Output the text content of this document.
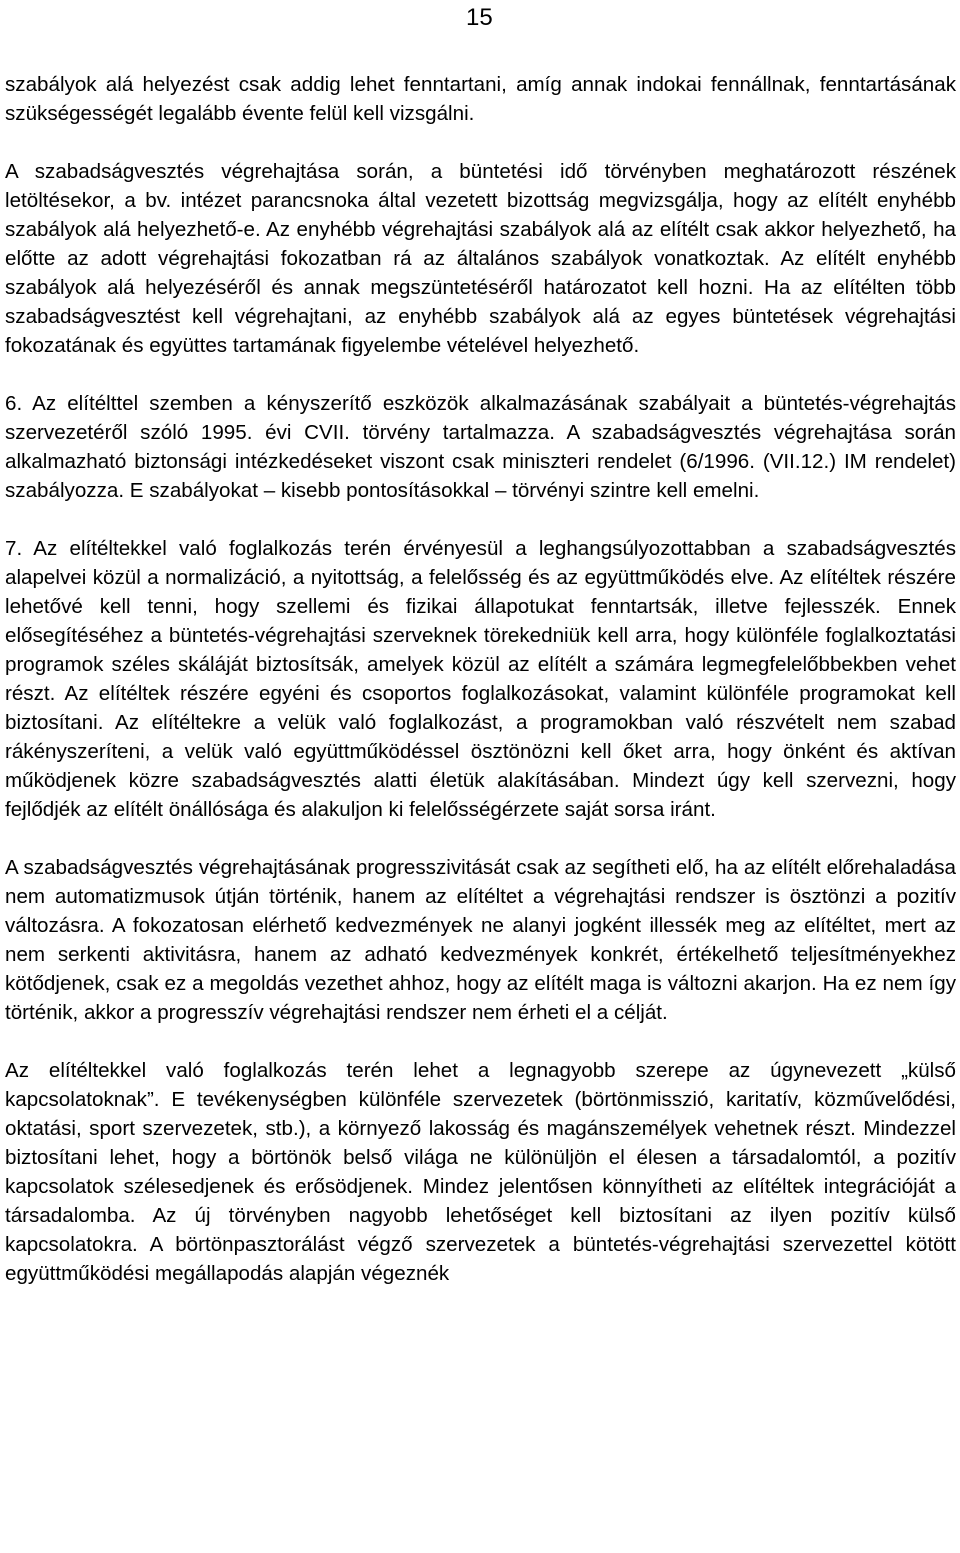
15

szabályok alá helyezést csak addig lehet fenntartani, amíg annak indokai fennállnak, fenntartásának szükségességét legalább évente felül kell vizsgálni.

A szabadságvesztés végrehajtása során, a büntetési idő törvényben meghatározott részének letöltésekor, a bv. intézet parancsnoka által vezetett bizottság megvizsgálja, hogy az elítélt enyhébb szabályok alá helyezhető-e. Az enyhébb végrehajtási szabályok alá az elítélt csak akkor helyezhető, ha előtte az adott végrehajtási fokozatban rá az általános szabályok vonatkoztak. Az elítélt enyhébb szabályok alá helyezéséről és annak megszüntetéséről határozatot kell hozni. Ha az elítélten több szabadságvesztést kell végrehajtani, az enyhébb szabályok alá az egyes büntetések végrehajtási fokozatának és együttes tartamának figyelembe vételével helyezhető.

6. Az elítélttel szemben a kényszerítő eszközök alkalmazásának szabályait a büntetés-végrehajtás szervezetéről szóló 1995. évi CVII. törvény tartalmazza. A szabadságvesztés végrehajtása során alkalmazható biztonsági intézkedéseket viszont csak miniszteri rendelet (6/1996. (VII.12.) IM rendelet) szabályozza. E szabályokat – kisebb pontosításokkal – törvényi szintre kell emelni.

7. Az elítéltekkel való foglalkozás terén érvényesül a leghangsúlyozottabban a szabadságvesztés alapelvei közül a normalizáció, a nyitottság, a felelősség és az együttműködés elve. Az elítéltek részére lehetővé kell tenni, hogy szellemi és fizikai állapotukat fenntartsák, illetve fejlesszék. Ennek elősegítéséhez a büntetés-végrehajtási szerveknek törekedniük kell arra, hogy különféle foglalkoztatási programok széles skáláját biztosítsák, amelyek közül az elítélt a számára legmegfelelőbbekben vehet részt. Az elítéltek részére egyéni és csoportos foglalkozásokat, valamint különféle programokat kell biztosítani. Az elítéltekre a velük való foglalkozást, a programokban való részvételt nem szabad rákényszeríteni, a velük való együttműködéssel ösztönözni kell őket arra, hogy önként és aktívan működjenek közre szabadságvesztés alatti életük alakításában. Mindezt úgy kell szervezni, hogy fejlődjék az elítélt önállósága és alakuljon ki felelősségérzete saját sorsa iránt.

A szabadságvesztés végrehajtásának progresszivitását csak az segítheti elő, ha az elítélt előrehaladása nem automatizmusok útján történik, hanem az elítéltet a végrehajtási rendszer is ösztönzi a pozitív változásra. A fokozatosan elérhető kedvezmények ne alanyi jogként illessék meg az elítéltet, mert az nem serkenti aktivitásra, hanem az adható kedvezmények konkrét, értékelhető teljesítményekhez kötődjenek, csak ez a megoldás vezethet ahhoz, hogy az elítélt maga is változni akarjon. Ha ez nem így történik, akkor a progresszív végrehajtási rendszer nem érheti el a célját.

Az elítéltekkel való foglalkozás terén lehet a legnagyobb szerepe az úgynevezett „külső kapcsolatoknak”. E tevékenységben különféle szervezetek (börtönmisszió, karitatív, közművelődési, oktatási, sport szervezetek, stb.), a környező lakosság és magánszemélyek vehetnek részt. Mindezzel biztosítani lehet, hogy a börtönök belső világa ne különüljön el élesen a társadalomtól, a pozitív kapcsolatok szélesedjenek és erősödjenek. Mindez jelentősen könnyítheti az elítéltek integrációját a társadalomba. Az új törvényben nagyobb lehetőséget kell biztosítani az ilyen pozitív külső kapcsolatokra. A börtönpasztorálást végző szervezetek a büntetés-végrehajtási szervezettel kötött együttműködési megállapodás alapján végeznék
